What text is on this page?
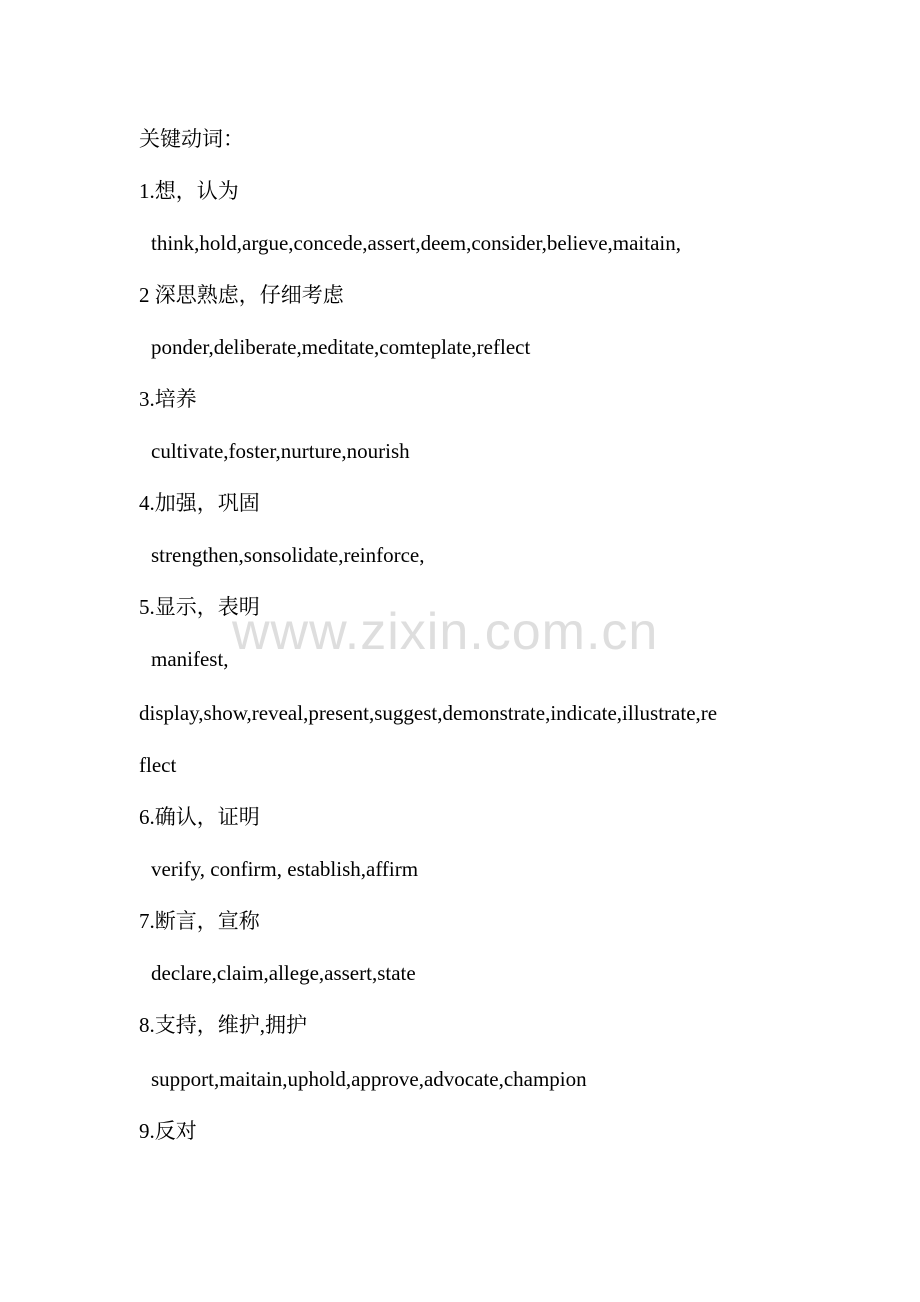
关键动词：
1.想，认为
think,hold,argue,concede,assert,deem,consider,believe,maitain,
2 深思熟虑，仔细考虑
ponder,deliberate,meditate,comteplate,reflect
3.培养
cultivate,foster,nurture,nourish
4.加强，巩固
strengthen,sonsolidate,reinforce,
5.显示，表明
manifest,
display,show,reveal,present,suggest,demonstrate,indicate,illustrate,re
flect
6.确认，证明
verify, confirm, establish,affirm
7.断言，宣称
declare,claim,allege,assert,state
8.支持，维护,拥护
support,maitain,uphold,approve,advocate,champion
9.反对
www.zixin.com.cn
